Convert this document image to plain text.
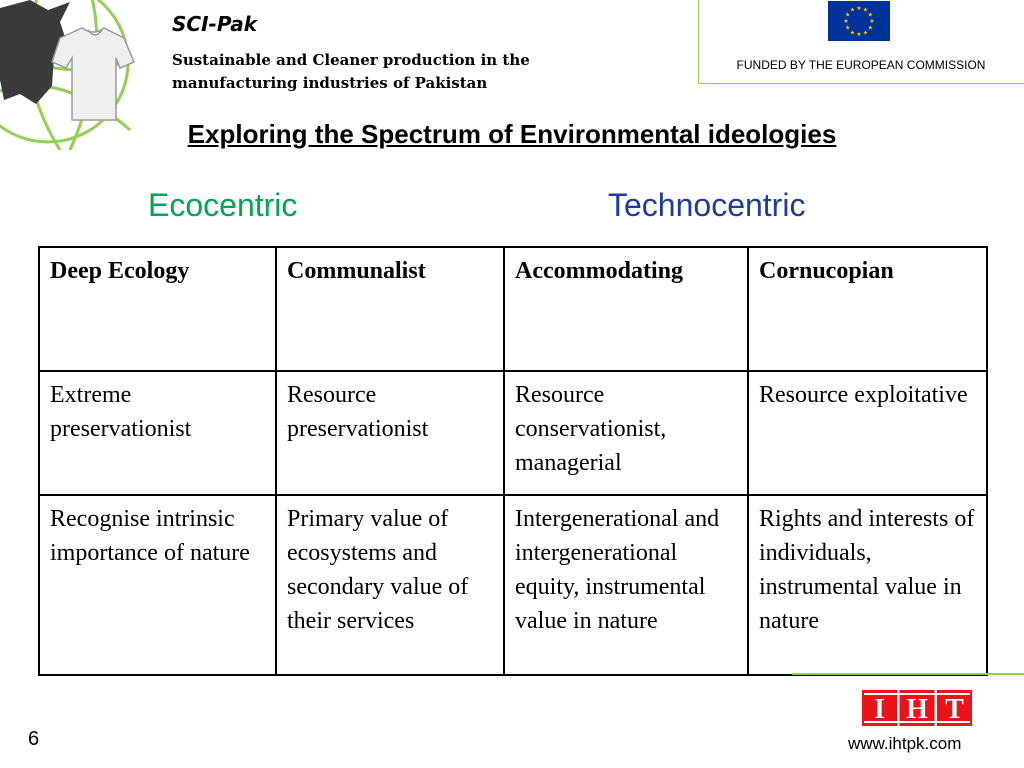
SCI-Pak
Sustainable and Cleaner production in the manufacturing industries of Pakistan
★ ★
★
★
★
★
★
★
★
★
★
★
FUNDED BY THE EUROPEAN COMMISSION
Exploring the Spectrum of Environmental ideologies
Ecocentric	Technocentric
Deep Ecology	Communalist	Accommodating	Cornucopian
Extreme preservationist	Resource preservationist	Resource conservationist, managerial	Resource exploitative
Recognise intrinsic importance of nature	Primary value of ecosystems and secondary value of their services	Intergenerational and intergenerational equity, instrumental value in nature	Rights and interests of individuals, instrumental value in nature
I H T
www.ihtpk.com
6
